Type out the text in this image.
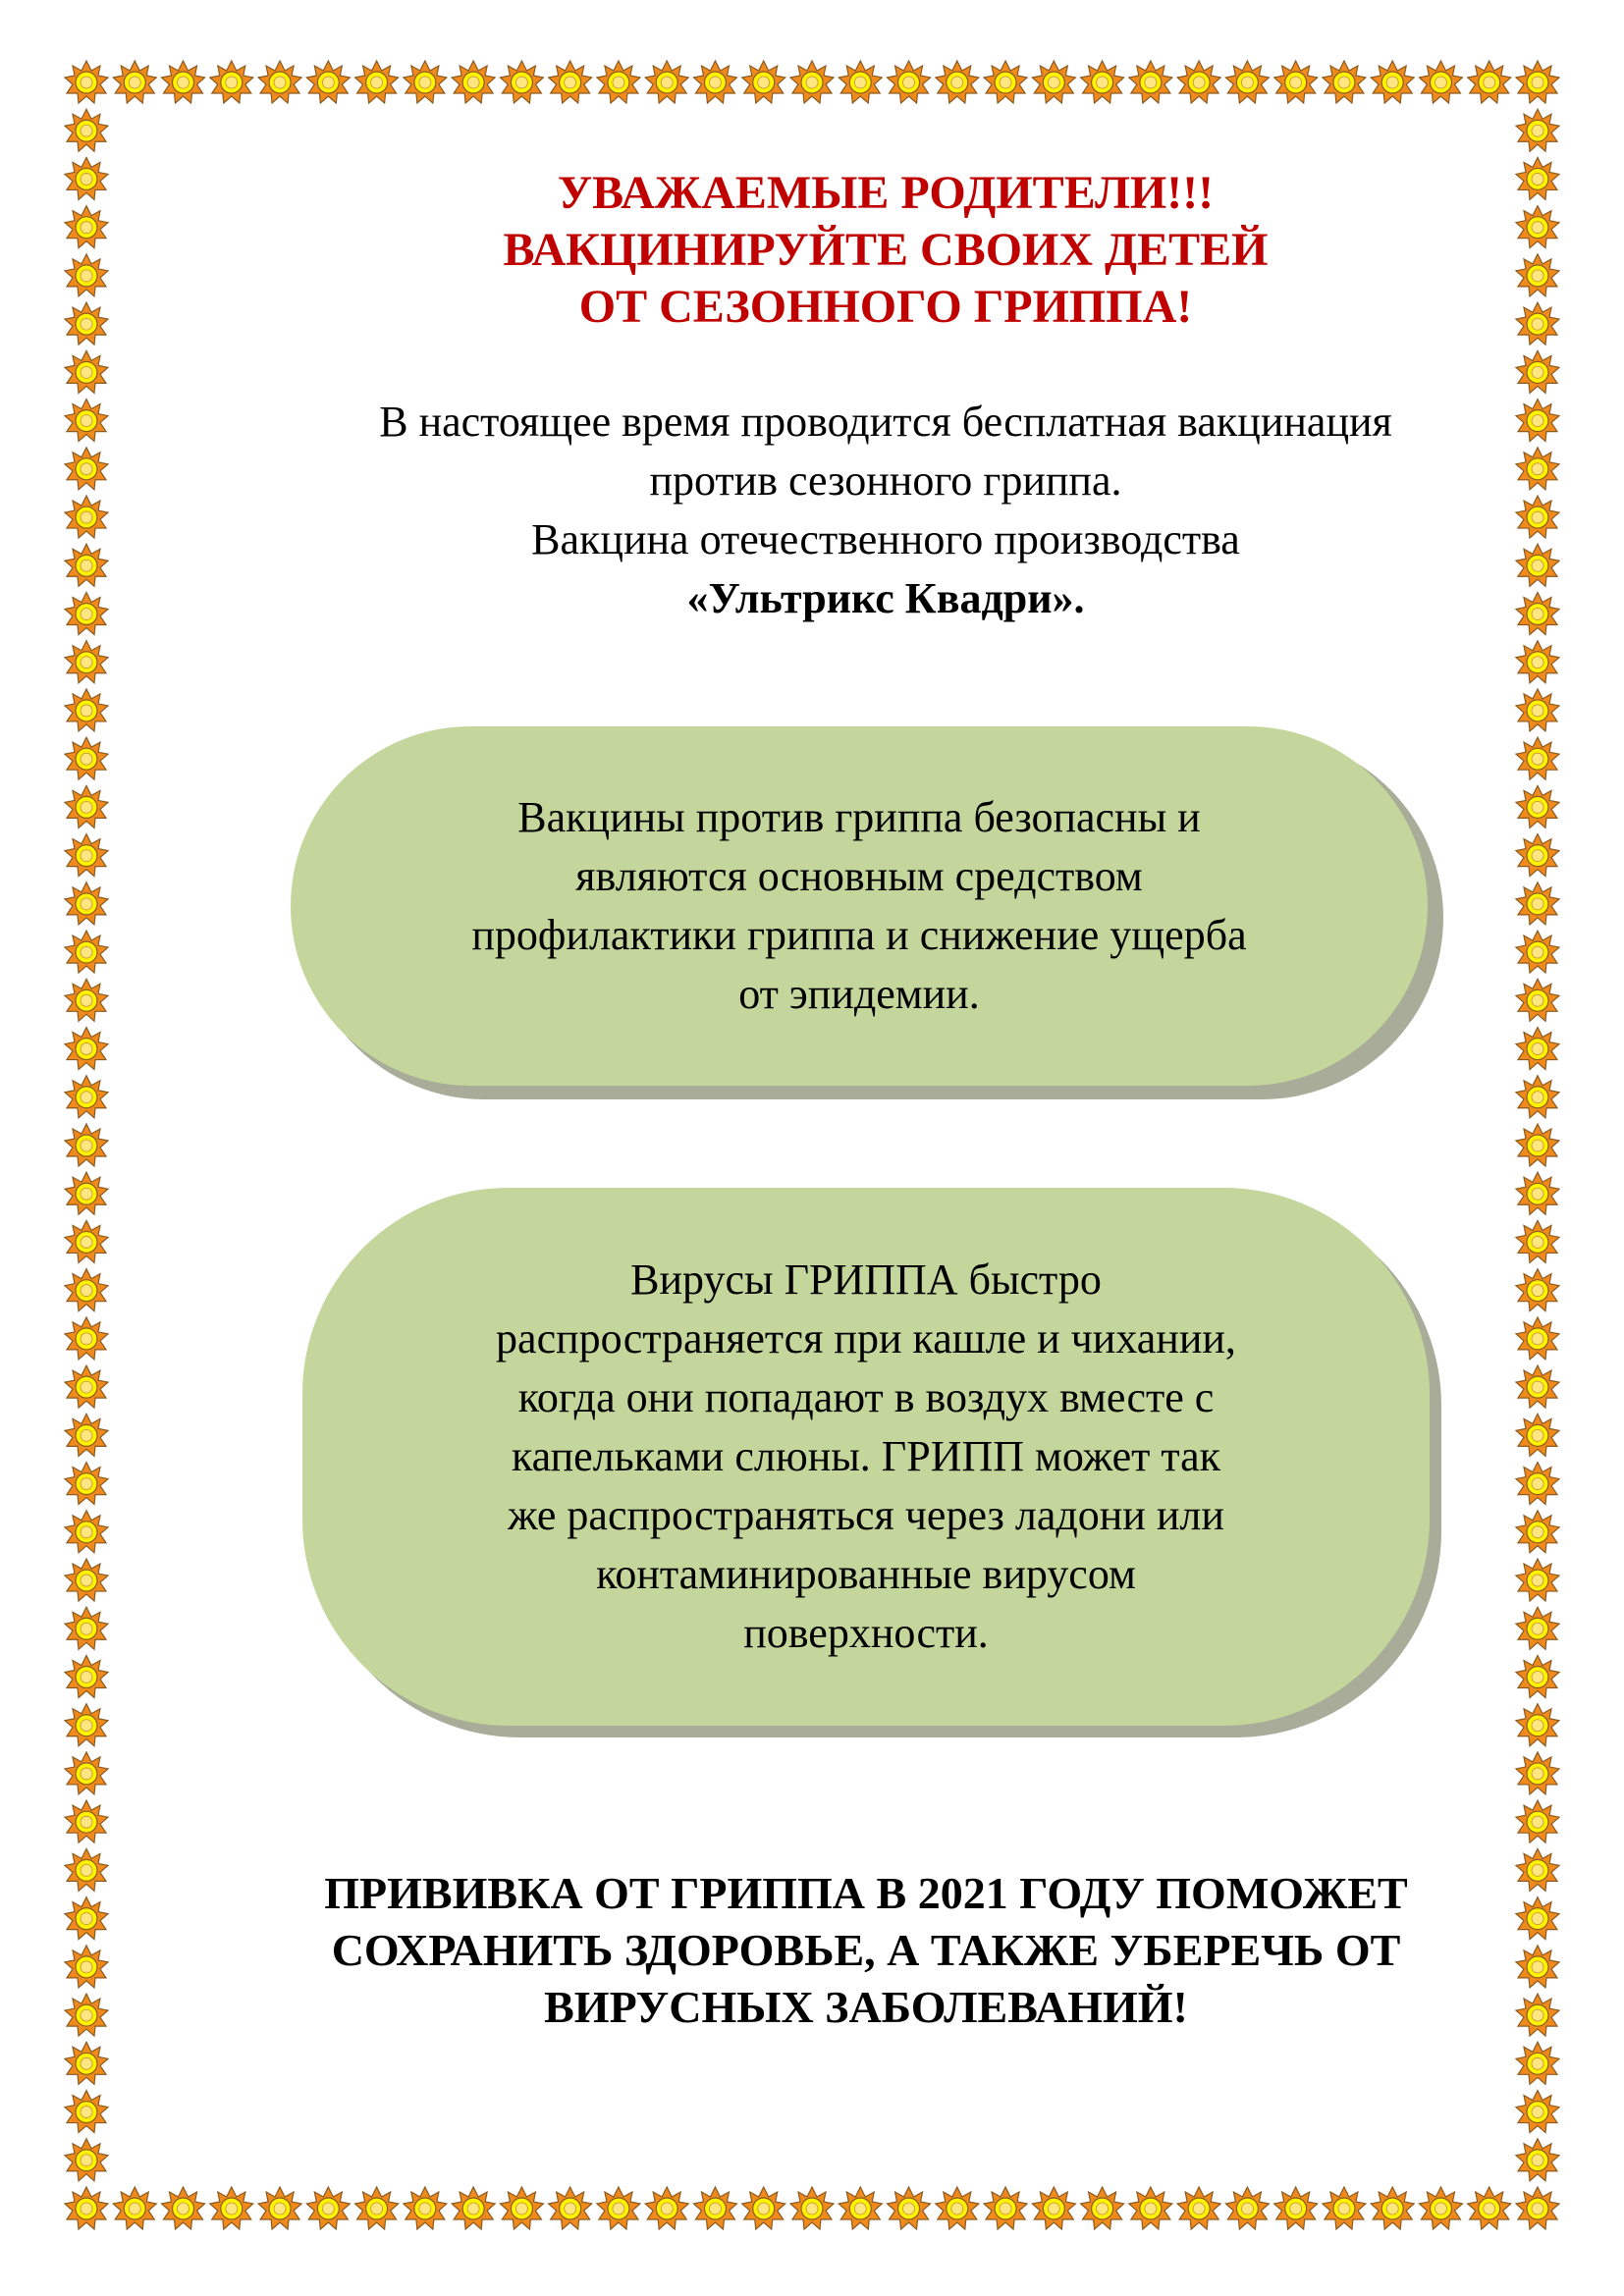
УВАЖАЕМЫЕ РОДИТЕЛИ!!!
ВАКЦИНИРУЙТЕ СВОИХ ДЕТЕЙ
ОТ СЕЗОННОГО ГРИППА!
В настоящее время проводится бесплатная вакцинация
против сезонного гриппа.
Вакцина отечественного производства
«Ультрикс Квадри».
Вакцины против гриппа безопасны и
являются основным средством
профилактики гриппа и снижение ущерба
от эпидемии.
Вирусы ГРИППА быстро
распространяется при кашле и чихании,
когда они попадают в воздух вместе с
капельками слюны. ГРИПП может так
же распространяться через ладони или
контаминированные вирусом
поверхности.
ПРИВИВКА ОТ ГРИППА В 2021 ГОДУ ПОМОЖЕТ
СОХРАНИТЬ ЗДОРОВЬЕ, А ТАКЖЕ УБЕРЕЧЬ ОТ
ВИРУСНЫХ ЗАБОЛЕВАНИЙ!
